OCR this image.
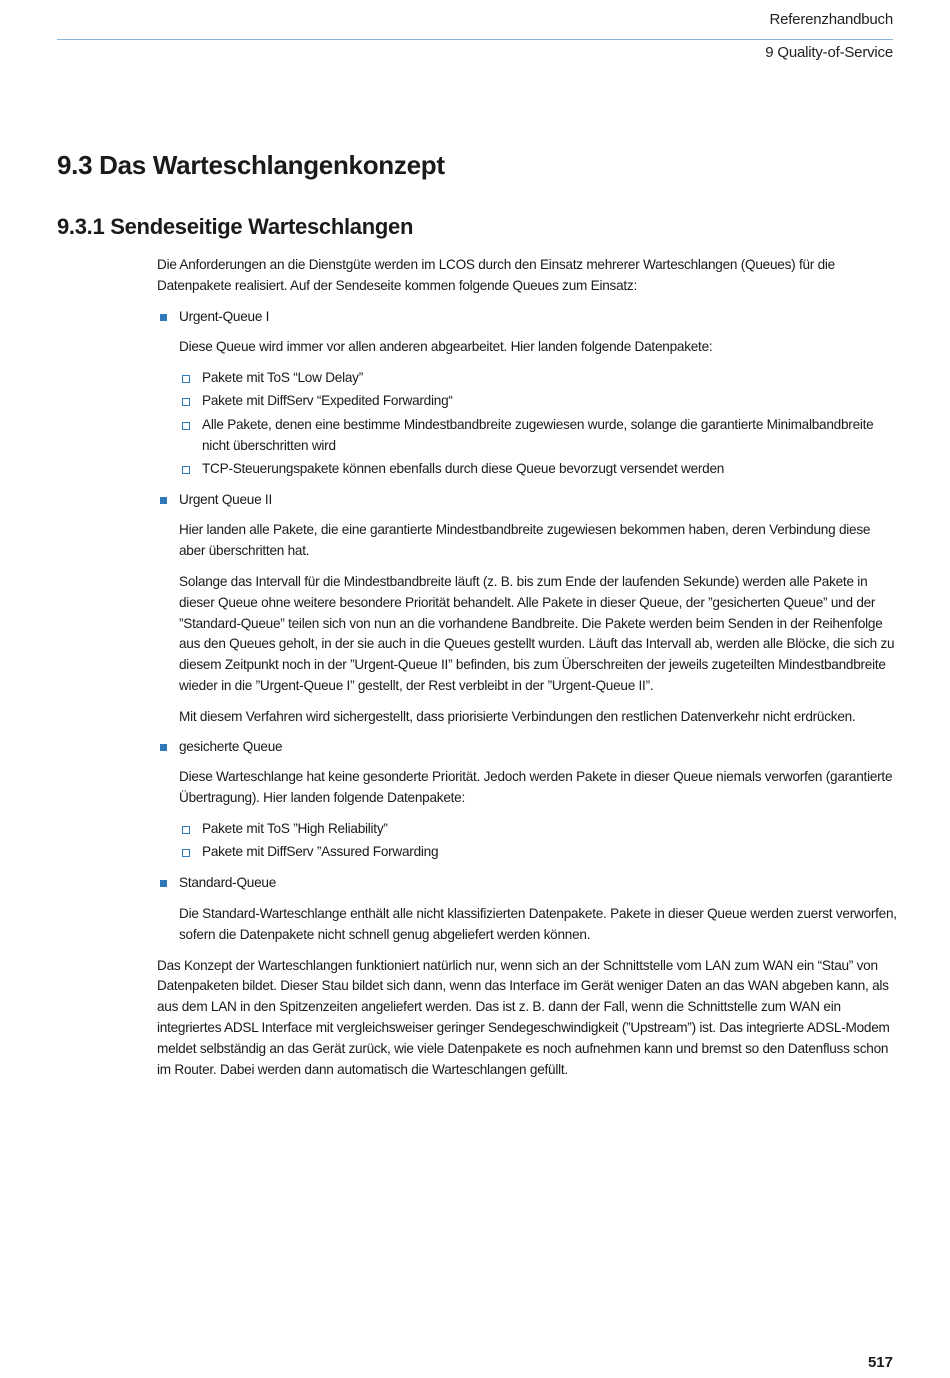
Referenzhandbuch
9 Quality-of-Service
9.3 Das Warteschlangenkonzept
9.3.1 Sendeseitige Warteschlangen

Die Anforderungen an die Dienstgüte werden im LCOS durch den Einsatz mehrerer Warteschlangen (Queues) für die Datenpakete realisiert. Auf der Sendeseite kommen folgende Queues zum Einsatz:

Urgent-Queue I

Diese Queue wird immer vor allen anderen abgearbeitet. Hier landen folgende Datenpakete:

Pakete mit ToS “Low Delay”
Pakete mit DiffServ “Expedited Forwarding“
Alle Pakete, denen eine bestimme Mindestbandbreite zugewiesen wurde, solange die garantierte Minimalbandbreite nicht überschritten wird
TCP-Steuerungspakete können ebenfalls durch diese Queue bevorzugt versendet werden
Urgent Queue II

Hier landen alle Pakete, die eine garantierte Mindestbandbreite zugewiesen bekommen haben, deren Verbindung diese aber überschritten hat.

Solange das Intervall für die Mindestbandbreite läuft (z. B. bis zum Ende der laufenden Sekunde) werden alle Pakete in dieser Queue ohne weitere besondere Priorität behandelt. Alle Pakete in dieser Queue, der ”gesicherten Queue” und der ”Standard-Queue” teilen sich von nun an die vorhandene Bandbreite. Die Pakete werden beim Senden in der Reihenfolge aus den Queues geholt, in der sie auch in die Queues gestellt wurden. Läuft das Intervall ab, werden alle Blöcke, die sich zu diesem Zeitpunkt noch in der ”Urgent-Queue II” befinden, bis zum Überschreiten der jeweils zugeteilten Mindestbandbreite wieder in die ”Urgent-Queue I” gestellt, der Rest verbleibt in der ”Urgent-Queue II”.

Mit diesem Verfahren wird sichergestellt, dass priorisierte Verbindungen den restlichen Datenverkehr nicht erdrücken.

gesicherte Queue

Diese Warteschlange hat keine gesonderte Priorität. Jedoch werden Pakete in dieser Queue niemals verworfen (garantierte Übertragung). Hier landen folgende Datenpakete:

Pakete mit ToS ”High Reliability”
Pakete mit DiffServ ”Assured Forwarding
Standard-Queue

Die Standard-Warteschlange enthält alle nicht klassifizierten Datenpakete. Pakete in dieser Queue werden zuerst verworfen, sofern die Datenpakete nicht schnell genug abgeliefert werden können.

Das Konzept der Warteschlangen funktioniert natürlich nur, wenn sich an der Schnittstelle vom LAN zum WAN ein “Stau” von Datenpaketen bildet. Dieser Stau bildet sich dann, wenn das Interface im Gerät weniger Daten an das WAN abgeben kann, als aus dem LAN in den Spitzenzeiten angeliefert werden. Das ist z. B. dann der Fall, wenn die Schnittstelle zum WAN ein integriertes ADSL Interface mit vergleichsweiser geringer Sendegeschwindigkeit (”Upstream”) ist. Das integrierte ADSL-Modem meldet selbständig an das Gerät zurück, wie viele Datenpakete es noch aufnehmen kann und bremst so den Datenfluss schon im Router. Dabei werden dann automatisch die Warteschlangen gefüllt.

517
